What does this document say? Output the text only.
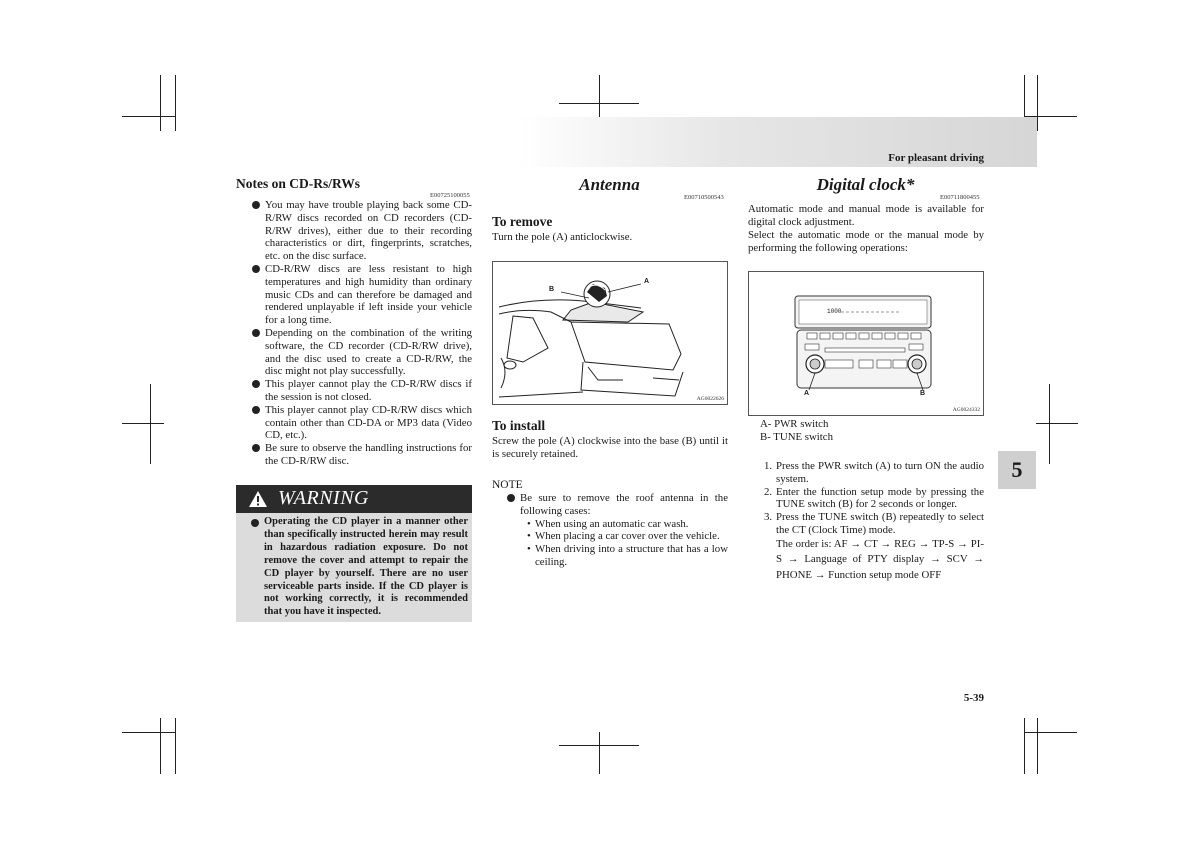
For pleasant driving
Notes on CD-Rs/RWs
E00725100055

You may have trouble playing back some CD-R/RW discs recorded on CD recorders (CD-R/RW drives), either due to their recording characteristics or dirt, fingerprints, scratches, etc. on the disc surface.

CD-R/RW discs are less resistant to high temperatures and high humidity than ordinary music CDs and can therefore be damaged and rendered unplayable if left inside your vehicle for a long time.

Depending on the combination of the writing software, the CD recorder (CD-R/RW drive), and the disc used to create a CD-R/RW, the disc might not play successfully.

This player cannot play the CD-R/RW discs if the session is not closed.

This player cannot play CD-R/RW discs which contain other than CD-DA or MP3 data (Video CD, etc.).

Be sure to observe the handling instructions for the CD-R/RW disc.

WARNING
Operating the CD player in a manner other than specifically instructed herein may result in hazardous radiation exposure. Do not remove the cover and attempt to repair the CD player by yourself. There are no user serviceable parts inside. If the CD player is not working correctly, it is recommended that you have it inspected.
Antenna
E00710500543
To remove
Turn the pole (A) anticlockwise.
A
B
AG0022626
To install
Screw the pole (A) clockwise into the base (B) until it is securely retained.
NOTE

Be sure to remove the roof antenna in the following cases:

• When using an automatic car wash.

• When placing a car cover over the vehicle.

• When driving into a structure that has a low ceiling.

Digital clock*
E00711800455
Automatic mode and manual mode is available for digital clock adjustment.
Select the automatic mode or the manual mode by performing the following operations:
1000
A	B
AG0024332
A- PWR switch
B- TUNE switch

1. Press the PWR switch (A) to turn ON the audio system.

2. Enter the function setup mode by pressing the TUNE switch (B) for 2 seconds or longer.

3. Press the TUNE switch (B) repeatedly to select the CT (Clock Time) mode.

The order is: AF → CT → REG → TP-S → PI-S → Language of PTY display → SCV → PHONE → Function setup mode OFF

5
5-39
